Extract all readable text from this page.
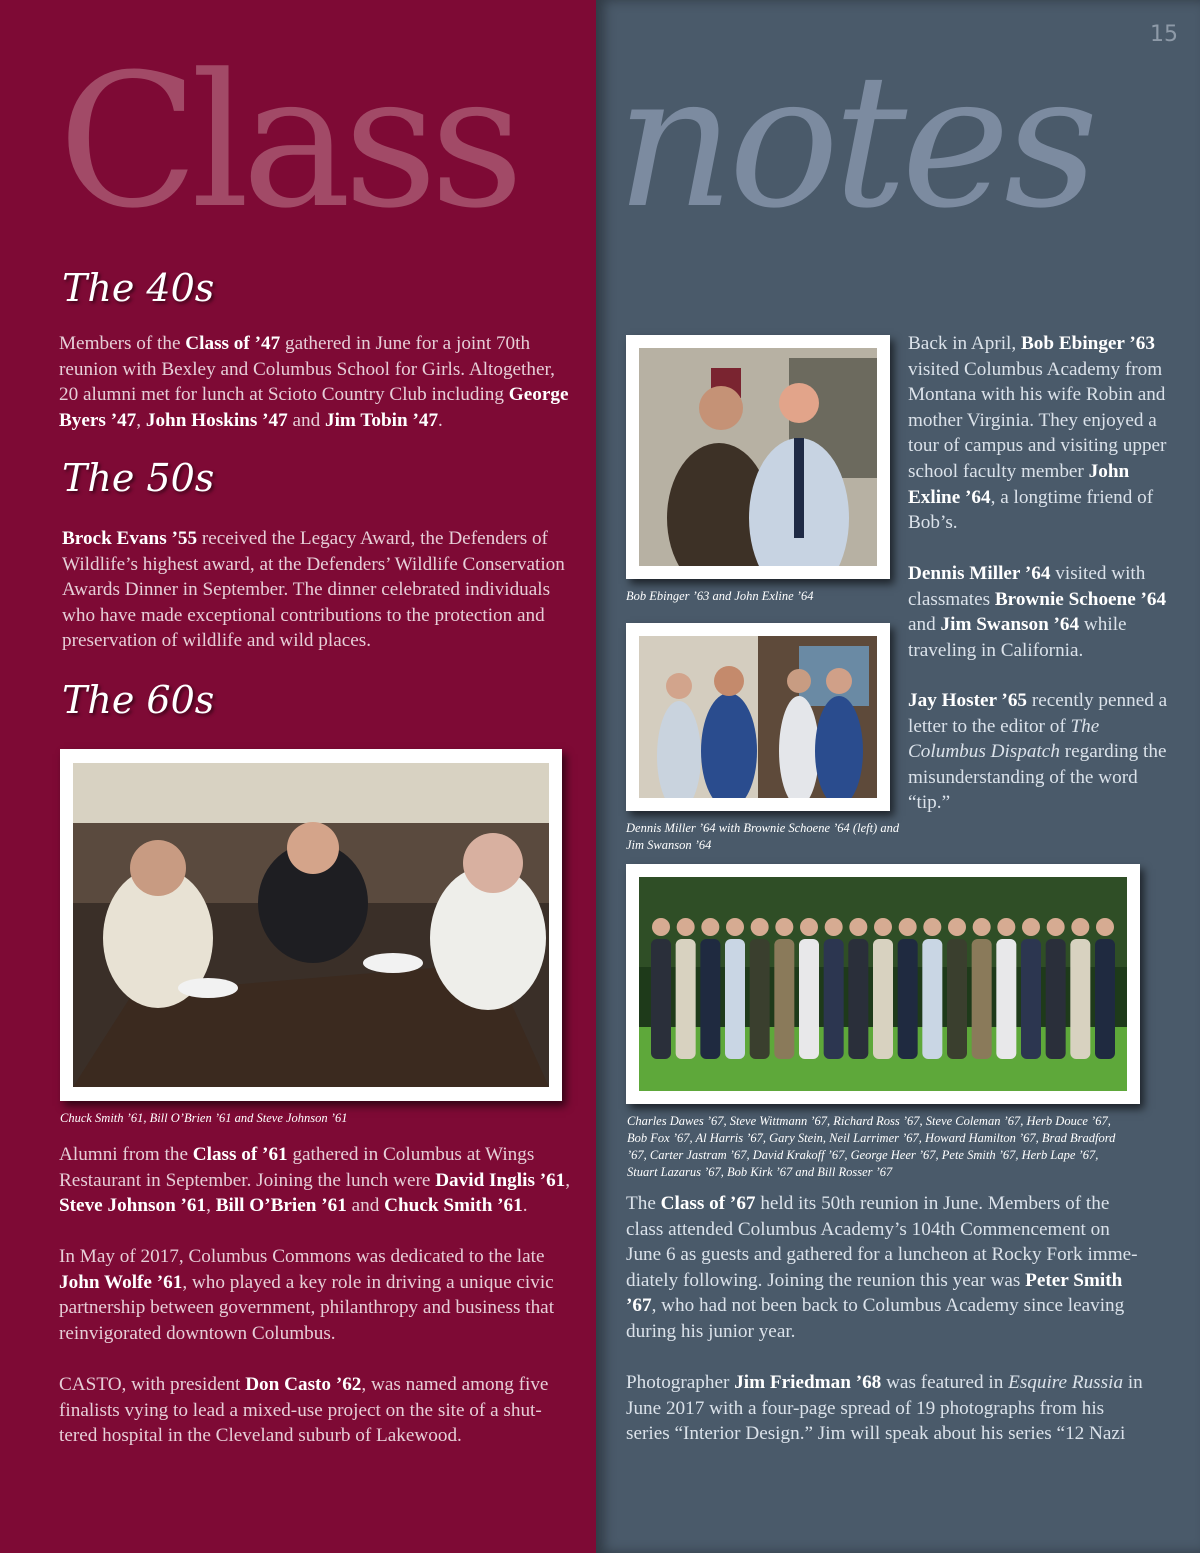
15
Class notes
The 40s

Members of the Class of ’47 gathered in June for a joint 70th reunion with Bexley and Columbus School for Girls. Altogether, 20 alumni met for lunch at Scioto Country Club including George Byers ’47, John Hoskins ’47 and Jim Tobin ’47.

The 50s

Brock Evans ’55 received the Legacy Award, the Defenders of Wildlife’s highest award, at the Defenders’ Wildlife Conservation Awards Dinner in September. The dinner celebrated individuals who have made exceptional contributions to the protection and preservation of wildlife and wild places.

The 60s

Chuck Smith ’61, Bill O’Brien ’61 and Steve Johnson ’61

Alumni from the Class of ’61 gathered in Columbus at Wings Restaurant in September. Joining the lunch were David Inglis ’61, Steve Johnson ’61, Bill O’Brien ’61 and Chuck Smith ’61.

In May of 2017, Columbus Commons was dedicated to the late John Wolfe ’61, who played a key role in driving a unique civic partnership between government, philanthropy and business that reinvigorated downtown Columbus.

CASTO, with president Don Casto ’62, was named among five finalists vying to lead a mixed-use project on the site of a shut-tered hospital in the Cleveland suburb of Lakewood.

Bob Ebinger ’63 and John Exline ’64

Back in April, Bob Ebinger ’63 visited Columbus Academy from Montana with his wife Robin and mother Virginia. They enjoyed a tour of campus and visiting upper school faculty member John Exline ’64, a longtime friend of Bob’s.

Dennis Miller ’64 visited with classmates Brownie Schoene ’64 and Jim Swanson ’64 while traveling in California.

Jay Hoster ’65 recently penned a letter to the editor of The Columbus Dispatch regarding the misunderstanding of the word “tip.”

Dennis Miller ’64 with Brownie Schoene ’64 (left) and Jim Swanson ’64

Charles Dawes ’67, Steve Wittmann ’67, Richard Ross ’67, Steve Coleman ’67, Herb Douce ’67, Bob Fox ’67, Al Harris ’67, Gary Stein, Neil Larrimer ’67, Howard Hamilton ’67, Brad Bradford ’67, Carter Jastram ’67, David Krakoff ’67, George Heer ’67, Pete Smith ’67, Herb Lape ’67, Stuart Lazarus ’67, Bob Kirk ’67 and Bill Rosser ’67

The Class of ’67 held its 50th reunion in June. Members of the class attended Columbus Academy’s 104th Commencement on June 6 as guests and gathered for a luncheon at Rocky Fork imme-diately following. Joining the reunion this year was Peter Smith ’67, who had not been back to Columbus Academy since leaving during his junior year.

Photographer Jim Friedman ’68 was featured in Esquire Russia in June 2017 with a four-page spread of 19 photographs from his series “Interior Design.” Jim will speak about his series “12 Nazi
